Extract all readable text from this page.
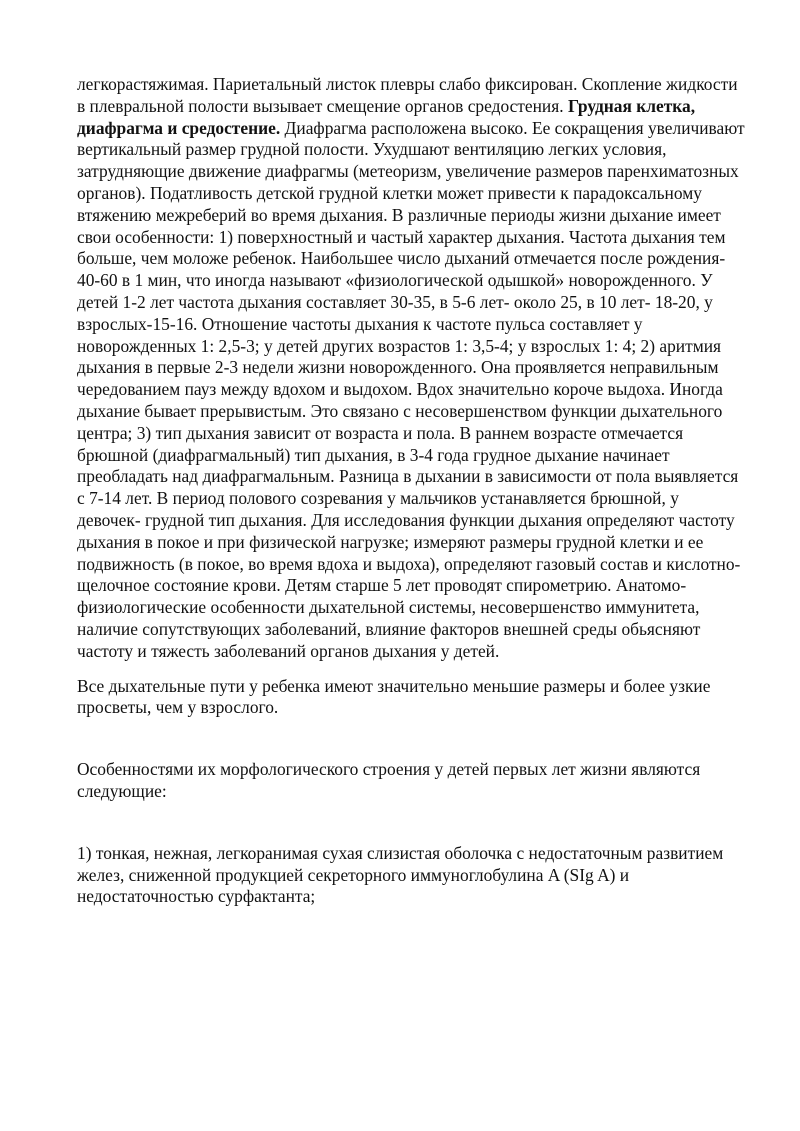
легкорастяжимая. Париетальный листок плевры слабо фиксирован. Скопление жидкости в плевральной полости вызывает смещение органов средостения. Грудная клетка, диафрагма и средостение. Диафрагма расположена высоко. Ее сокращения увеличивают вертикальный размер грудной полости. Ухудшают вентиляцию легких условия, затрудняющие движение диафрагмы (метеоризм, увеличение размеров паренхиматозных органов). Податливость детской грудной клетки может привести к парадоксальному втяжению межреберий во время дыхания. В различные периоды жизни дыхание имеет свои особенности: 1) поверхностный и частый характер дыхания. Частота дыхания тем больше, чем моложе ребенок. Наибольшее число дыханий отмечается после рождения- 40-60 в 1 мин, что иногда называют «физиологической одышкой» новорожденного. У детей 1-2 лет частота дыхания составляет 30-35, в 5-6 лет- около 25, в 10 лет- 18-20, у взрослых-15-16. Отношение частоты дыхания к частоте пульса составляет у новорожденных 1: 2,5-3; у детей других возрастов 1: 3,5-4; у взрослых 1: 4; 2) аритмия дыхания в первые 2-3 недели жизни новорожденного. Она проявляется неправильным чередованием пауз между вдохом и выдохом. Вдох значительно короче выдоха. Иногда дыхание бывает прерывистым. Это связано с несовершенством функции дыхательного центра; 3) тип дыхания зависит от возраста и пола. В раннем возрасте отмечается брюшной (диафрагмальный) тип дыхания, в 3-4 года грудное дыхание начинает преобладать над диафрагмальным. Разница в дыхании в зависимости от пола выявляется с 7-14 лет. В период полового созревания у мальчиков устанавляется брюшной, у девочек- грудной тип дыхания. Для исследования функции дыхания определяют частоту дыхания в покое и при физической нагрузке; измеряют размеры грудной клетки и ее подвижность (в покое, во время вдоха и выдоха), определяют газовый состав и кислотно-щелочное состояние крови. Детям старше 5 лет проводят спирометрию. Анатомо-физиологические особенности дыхательной системы, несовершенство иммунитета, наличие сопутствующих заболеваний, влияние факторов внешней среды обьясняют частоту и тяжесть заболеваний органов дыхания у детей.

Все дыхательные пути у ребенка имеют значительно меньшие размеры и более узкие просветы, чем у взрослого.

Особенностями их морфологического строения у детей первых лет жизни являются следующие:

1) тонкая, нежная, легкоранимая сухая слизистая оболочка с недостаточным развитием желез, сниженной продукцией секреторного иммуноглобулина A (SIg A) и недостаточностью сурфактанта;
